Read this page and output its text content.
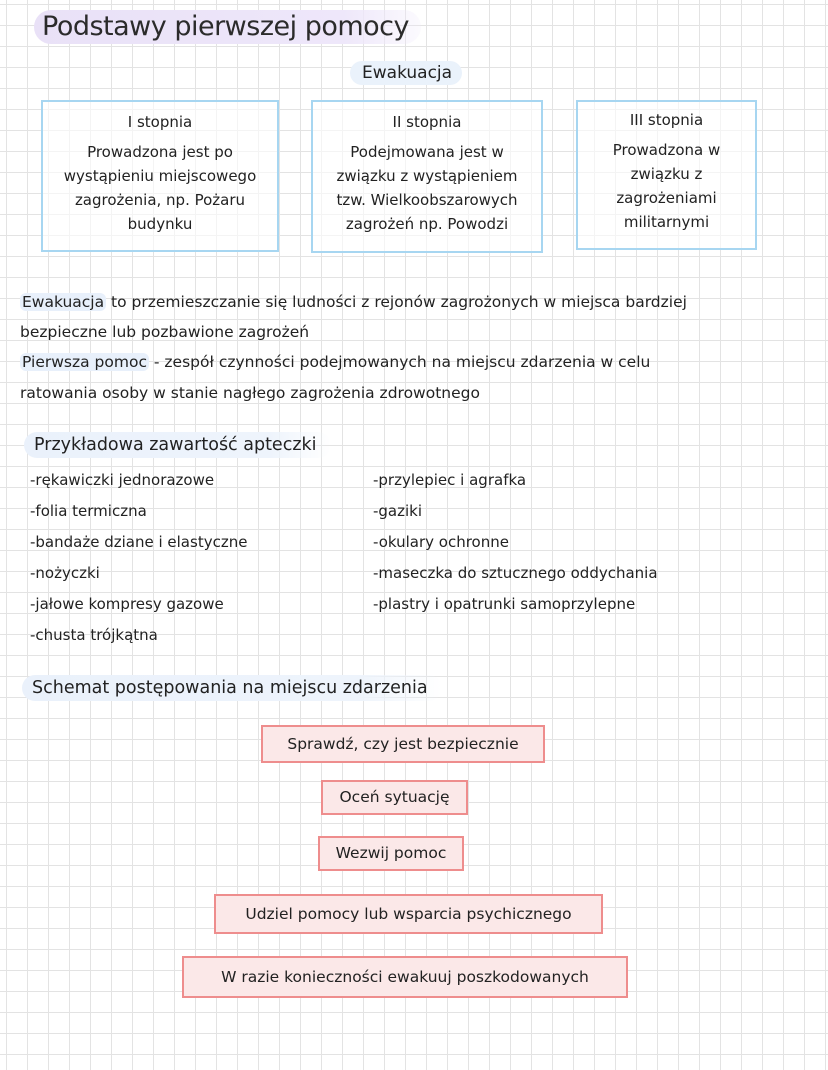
Podstawy pierwszej pomocy
Ewakuacja
I stopnia
Prowadzona jest po wystąpieniu miejscowego zagrożenia, np. Pożaru budynku
II stopnia
Podejmowana jest w związku z wystąpieniem tzw. Wielkoobszarowych zagrożeń np. Powodzi
III stopnia
Prowadzona w związku z zagrożeniami militarnymi
Ewakuacja to przemieszczanie się ludności z rejonów zagrożonych w miejsca bardziej
bezpieczne lub pozbawione zagrożeń
Pierwsza pomoc - zespół czynności podejmowanych na miejscu zdarzenia w celu
ratowania osoby w stanie nagłego zagrożenia zdrowotnego
Przykładowa zawartość apteczki
-rękawiczki jednorazowe
-folia termiczna
-bandaże dziane i elastyczne
-nożyczki
-jałowe kompresy gazowe
-chusta trójkątna
-przylepiec i agrafka
-gaziki
-okulary ochronne
-maseczka do sztucznego oddychania
-plastry i opatrunki samoprzylepne
Schemat postępowania na miejscu zdarzenia
Sprawdź, czy jest bezpiecznie
Oceń sytuację
Wezwij pomoc
Udziel pomocy lub wsparcia psychicznego
W razie konieczności ewakuuj poszkodowanych
